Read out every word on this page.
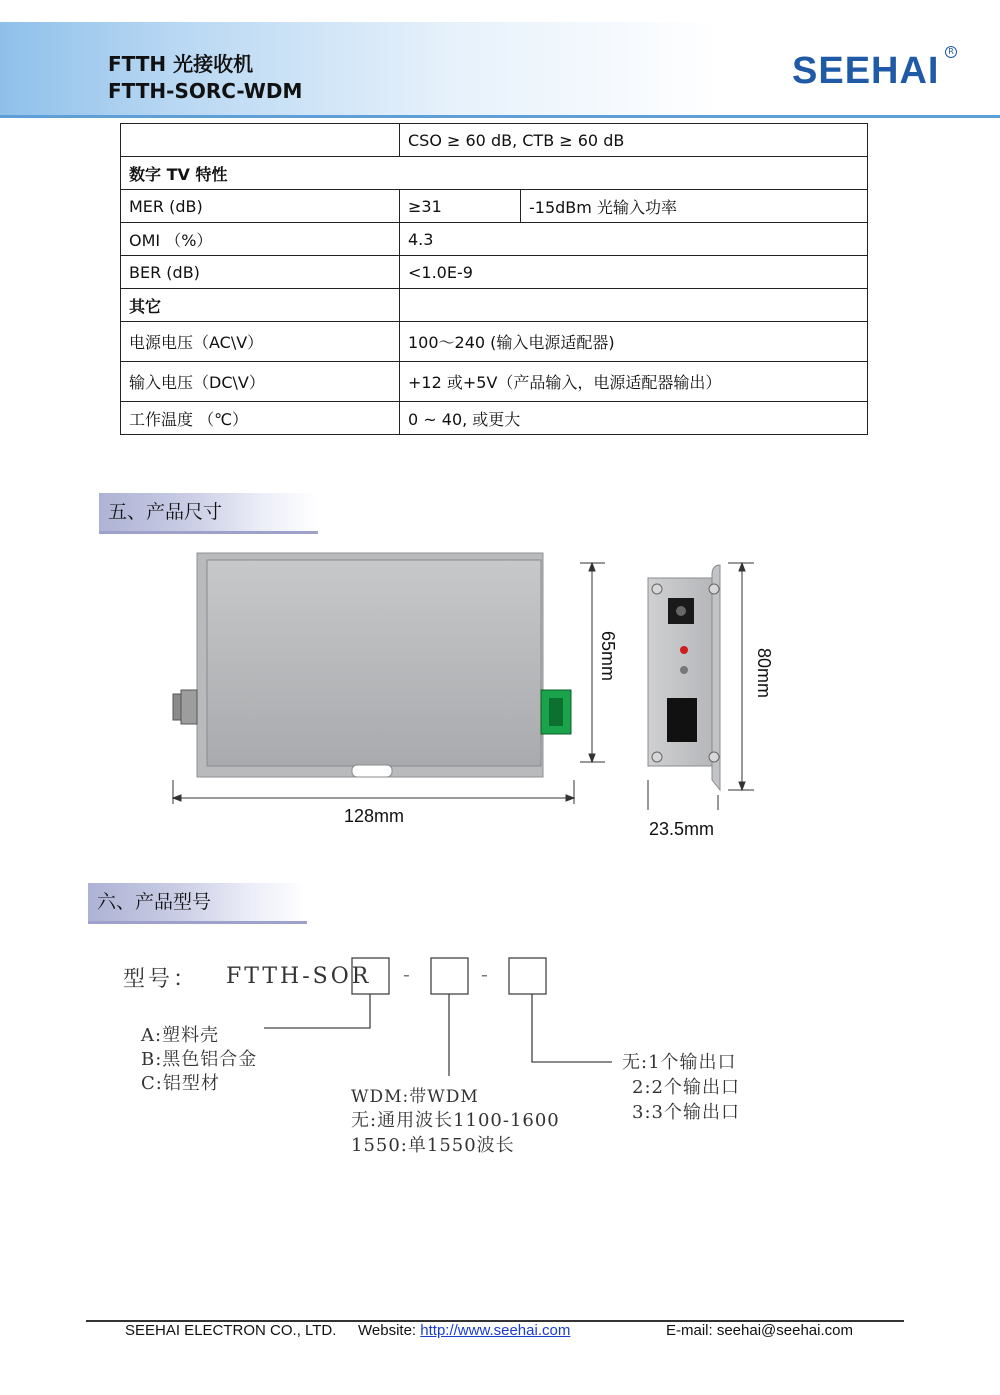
FTTH 光接收机
FTTH-SORC-WDM	SEEHAI	R
	CSO ≥ 60 dB, CTB ≥ 60 dB	
数字 TV 特性		
MER (dB)	≥31	-15dBm 光输入功率
OMI （%）	4.3	
BER (dB)	<1.0E-9	
其它		
电源电压（AC\V）	100～240 (输入电源适配器)	
输入电压（DC\V）	+12 或+5V（产品输入，电源适配器输出）	
工作温度 （℃）	0 ~ 40, 或更大	
五、产品尺寸
128mm
65mm
23.5mm
80mm
六、产品型号
型号： FTTH-SOR -	-
A:塑料壳
B:黑色铝合金
C:铝型材
WDM:带WDM
无:通用波长1100-1600
1550:单1550波长
无:1个输出口
2:2个输出口
3:3个输出口
SEEHAI ELECTRON CO., LTD. Website: http://www.seehai.com	E-mail: seehai@seehai.com
